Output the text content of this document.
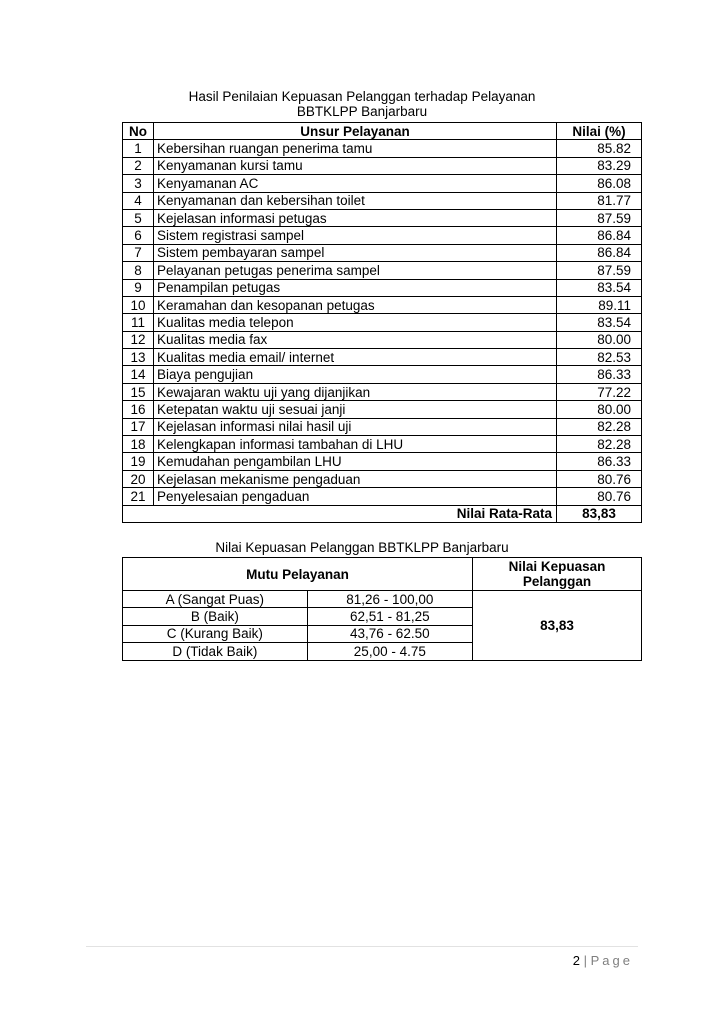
Hasil Penilaian Kepuasan Pelanggan terhadap Pelayanan
BBTKLPP Banjarbaru
No	Unsur Pelayanan	Nilai (%)
1	Kebersihan ruangan penerima tamu	85.82
2	Kenyamanan kursi tamu	83.29
3	Kenyamanan AC	86.08
4	Kenyamanan dan kebersihan toilet	81.77
5	Kejelasan informasi petugas	87.59
6	Sistem registrasi sampel	86.84
7	Sistem pembayaran sampel	86.84
8	Pelayanan petugas penerima sampel	87.59
9	Penampilan petugas	83.54
10	Keramahan dan kesopanan petugas	89.11
11	Kualitas media telepon	83.54
12	Kualitas media fax	80.00
13	Kualitas media email/ internet	82.53
14	Biaya pengujian	86.33
15	Kewajaran waktu uji yang dijanjikan	77.22
16	Ketepatan waktu uji sesuai janji	80.00
17	Kejelasan informasi nilai hasil uji	82.28
18	Kelengkapan informasi tambahan di LHU	82.28
19	Kemudahan pengambilan LHU	86.33
20	Kejelasan mekanisme pengaduan	80.76
21	Penyelesaian pengaduan	80.76
Nilai Rata-Rata		83,83
Nilai Kepuasan Pelanggan BBTKLPP Banjarbaru
Mutu Pelayanan		Nilai Kepuasan Pelanggan
A (Sangat Puas)	81,26 - 100,00	83,83
B (Baik)	62,51 - 81,25	
C (Kurang Baik)	43,76 - 62.50	
D (Tidak Baik)	25,00 - 4.75	
2 | Page
